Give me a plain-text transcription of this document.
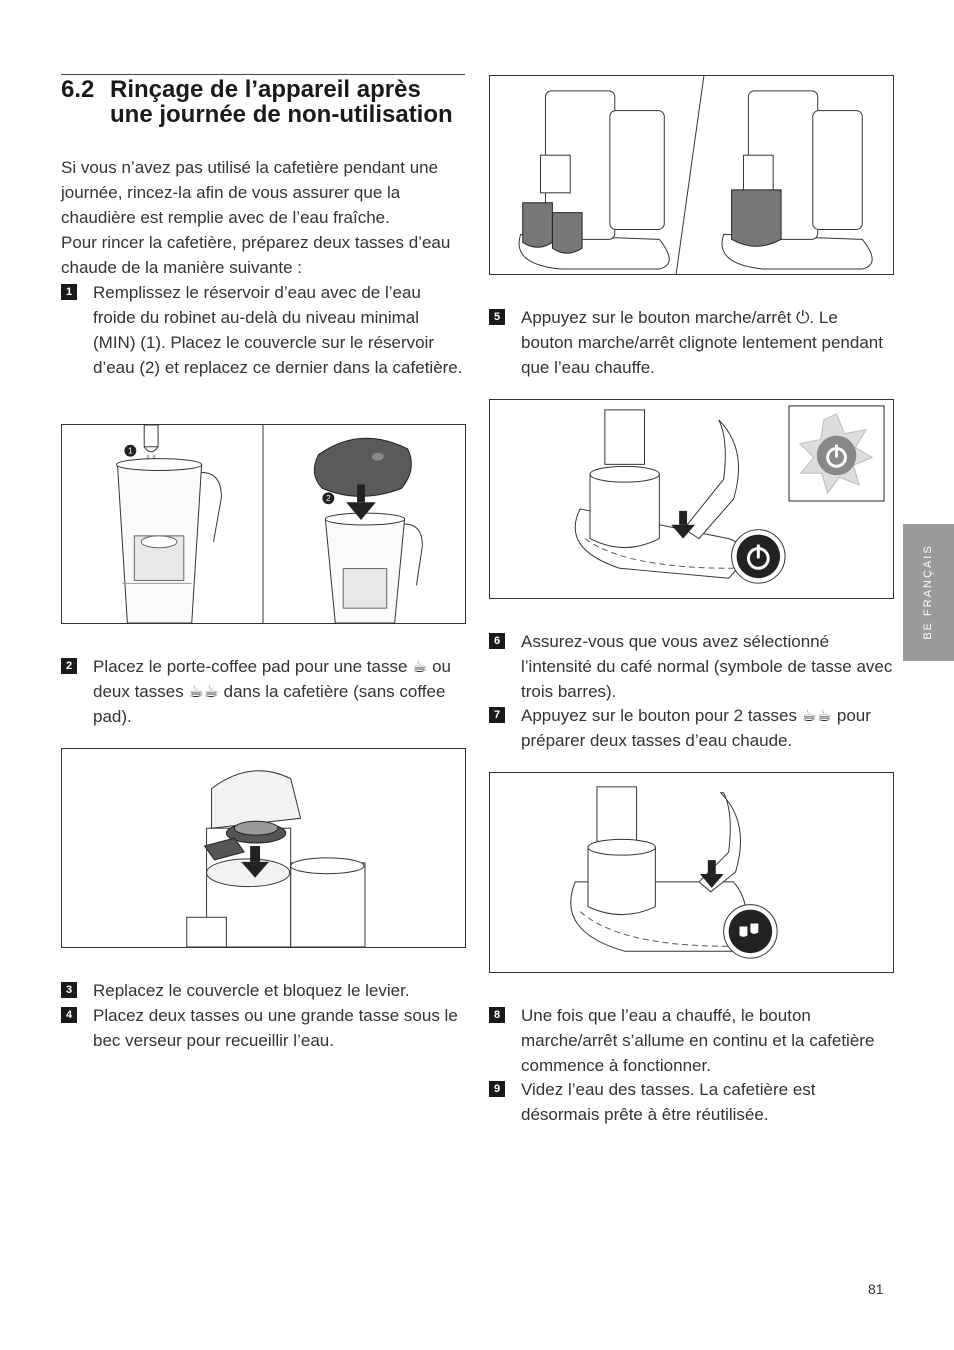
6.2 Rinçage de l’appareil après une journée de non-utilisation
Si vous n’avez pas utilisé la cafetière pendant une journée, rincez-la afin de vous assurer que la chaudière est remplie avec de l’eau fraîche.
Pour rincer la cafetière, préparez deux tasses d’eau chaude de la manière suivante :
1 Remplissez le réservoir d’eau avec de l’eau froide du robinet au-delà du niveau minimal (MIN) (1). Placez le couvercle sur le réservoir d’eau (2) et replacez ce dernier dans la cafetière.
1
2
2 Placez le porte-coffee pad pour une tasse ☕ ou deux tasses ☕☕ dans la cafetière (sans coffee pad).
3 Replacez le couvercle et bloquez le levier.
4 Placez deux tasses ou une grande tasse sous le bec verseur pour recueillir l’eau.
5 Appuyez sur le bouton marche/arrêt ⏻. Le bouton marche/arrêt clignote lentement pendant que l’eau chauffe.
6 Assurez-vous que vous avez sélectionné l’intensité du café normal (symbole de tasse avec trois barres).
7 Appuyez sur le bouton pour 2 tasses ☕☕ pour préparer deux tasses d’eau chaude.
8 Une fois que l’eau a chauffé, le bouton marche/arrêt s’allume en continu et la cafetière commence à fonctionner.
9 Videz l’eau des tasses. La cafetière est désormais prête à être réutilisée.
BE FRANÇAIS
81
